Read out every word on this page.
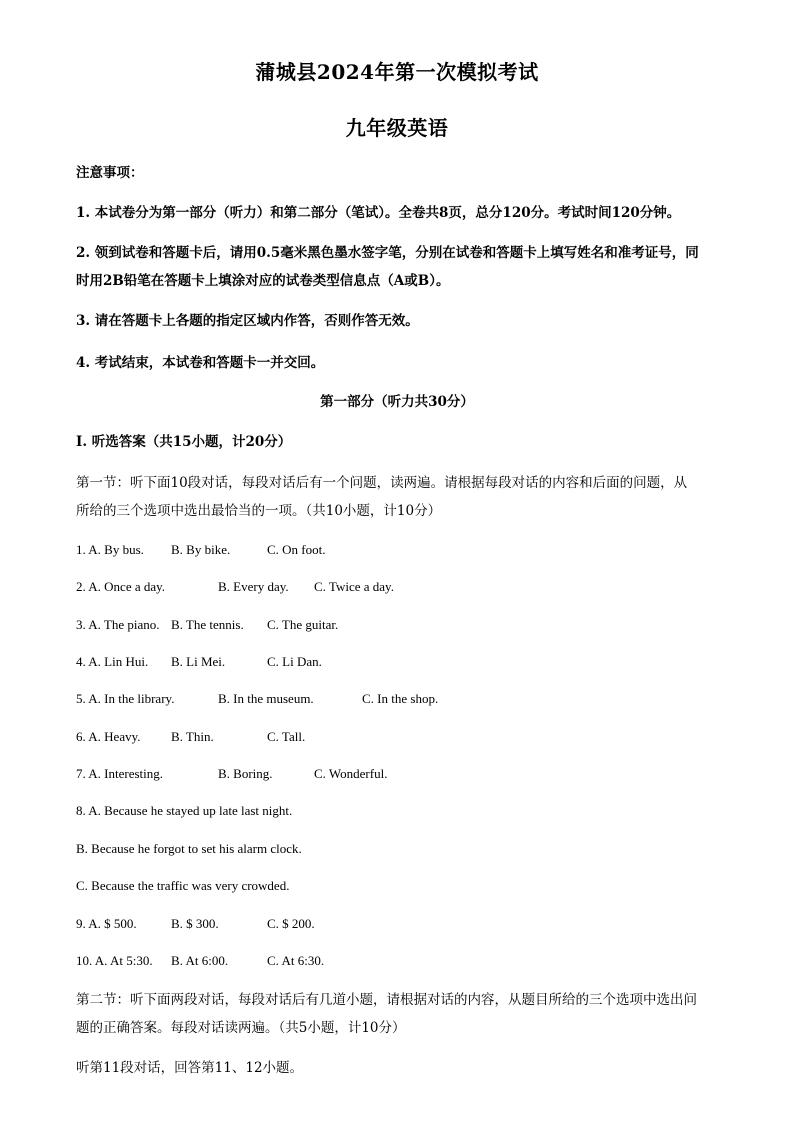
蒲城县2024年第一次模拟考试
九年级英语
注意事项：
1. 本试卷分为第一部分（听力）和第二部分（笔试）。全卷共8页，总分120分。考试时间120分钟。
2. 领到试卷和答题卡后，请用0.5毫米黑色墨水签字笔，分别在试卷和答题卡上填写姓名和准考证号，同
时用2B铅笔在答题卡上填涂对应的试卷类型信息点（A或B）。
3. 请在答题卡上各题的指定区域内作答，否则作答无效。
4. 考试结束，本试卷和答题卡一并交回。
第一部分（听力共30分）
I. 听选答案（共15小题，计20分）
第一节：听下面10段对话，每段对话后有一个问题，读两遍。请根据每段对话的内容和后面的问题，从
所给的三个选项中选出最恰当的一项。（共10小题，计10分）
1. A. By bus. B. By bike.	C. On foot.
2. A. Once a day.	B. Every day. C. Twice a day.
3. A. The piano. B. The tennis. C. The guitar.
4. A. Lin Hui. B. Li Mei.	C. Li Dan.
5. A. In the library.	B. In the museum.	C. In the shop.
6. A. Heavy. B. Thin.	C. Tall.
7. A. Interesting.	B. Boring.	C. Wonderful.
8. A. Because he stayed up late last night.
B. Because he forgot to set his alarm clock.
C. Because the traffic was very crowded.
9. A. $ 500.	B. $ 300.	C. $ 200.
10. A. At 5:30. B. At 6:00.	C. At 6:30.
第二节：听下面两段对话，每段对话后有几道小题，请根据对话的内容，从题目所给的三个选项中选出问
题的正确答案。每段对话读两遍。（共5小题，计10分）
听第11段对话，回答第11、12小题。
